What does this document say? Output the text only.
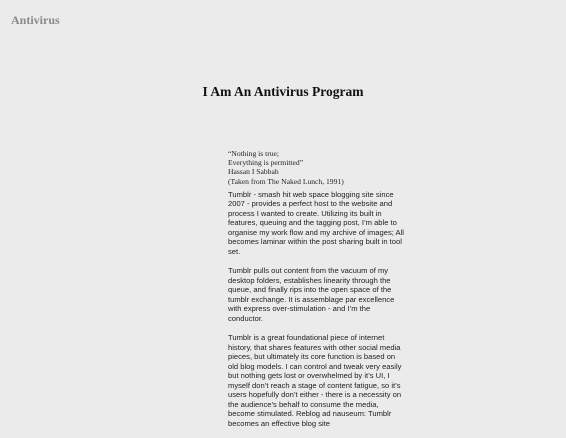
Antivirus
I Am An Antivirus Program
“Nothing is true;
Everything is permitted”
Hassan I Sabbah
(Taken from The Naked Lunch, 1991)

Tumblr - smash hit web space blogging site since 2007 - provides a perfect host to the website and process I wanted to create. Utilizing its built in features, queuing and the tagging post, I’m able to organise my work flow and my archive of images; All becomes laminar within the post sharing built in tool set.

Tumblr pulls out content from the vacuum of my desktop folders, establishes linearity through the queue, and finally rips into the open space of the tumblr exchange. It is assemblage par excellence with express over-stimulation - and I’m the conductor.

Tumblr is a great foundational piece of internet history, that shares features with other social media pieces, but ultimately its core function is based on old blog models. I can control and tweak very easily but nothing gets lost or overwhelmed by it’s UI, I myself don’t reach a stage of content fatigue, so it’s users hopefully don’t either - there is a necessity on the audience’s behalf to consume the media, become stimulated. Reblog ad nauseum: Tumblr becomes an effective blog site
